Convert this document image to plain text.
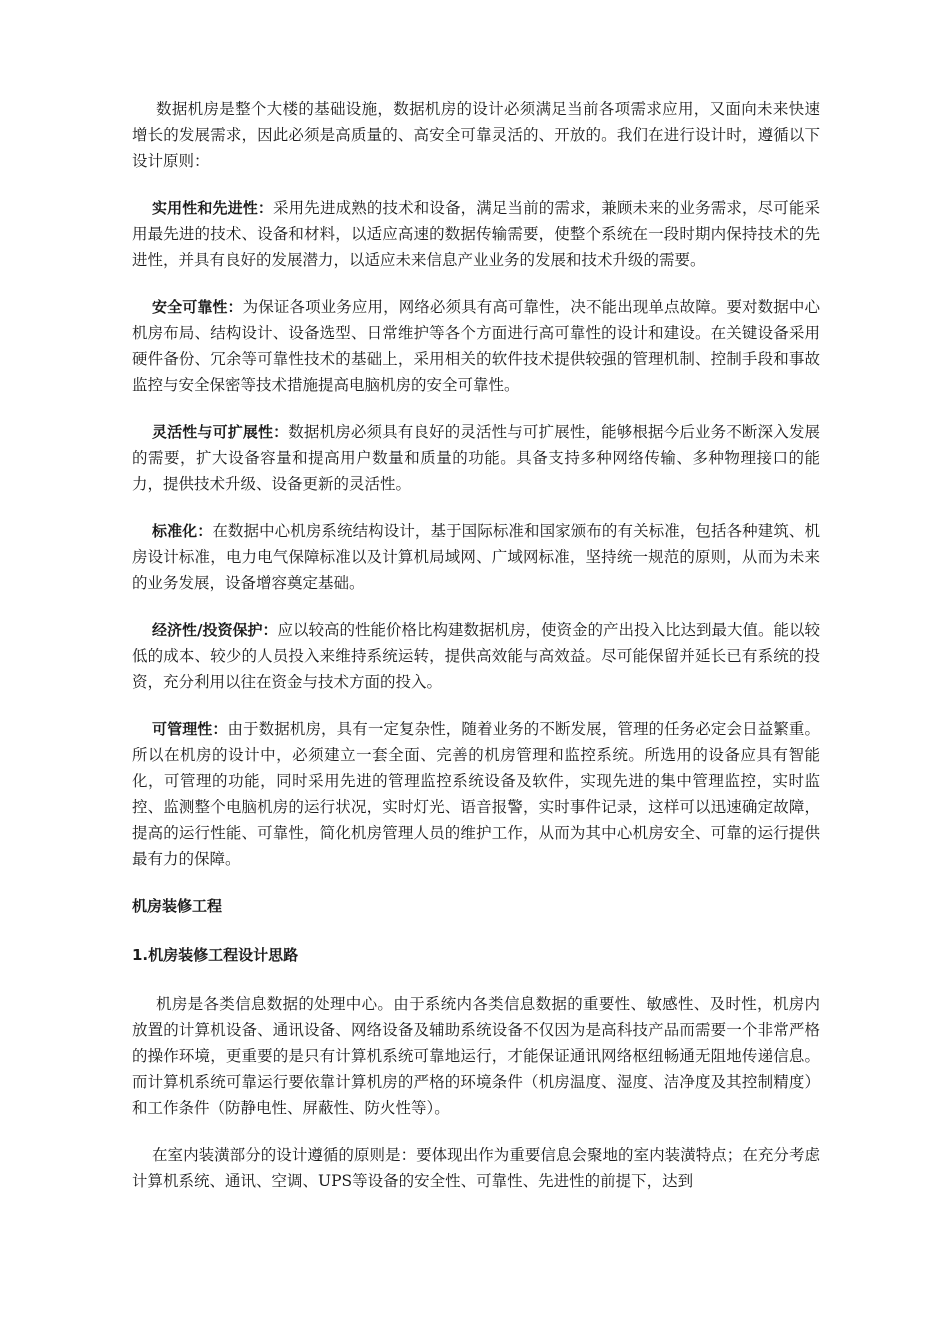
数据机房是整个大楼的基础设施，数据机房的设计必须满足当前各项需求应用，又面向未来快速增长的发展需求，因此必须是高质量的、高安全可靠灵活的、开放的。我们在进行设计时，遵循以下设计原则：

实用性和先进性：采用先进成熟的技术和设备，满足当前的需求，兼顾未来的业务需求，尽可能采用最先进的技术、设备和材料，以适应高速的数据传输需要，使整个系统在一段时期内保持技术的先进性，并具有良好的发展潜力，以适应未来信息产业业务的发展和技术升级的需要。

安全可靠性：为保证各项业务应用，网络必须具有高可靠性，决不能出现单点故障。要对数据中心机房布局、结构设计、设备选型、日常维护等各个方面进行高可靠性的设计和建设。在关键设备采用硬件备份、冗余等可靠性技术的基础上，采用相关的软件技术提供较强的管理机制、控制手段和事故监控与安全保密等技术措施提高电脑机房的安全可靠性。

灵活性与可扩展性：数据机房必须具有良好的灵活性与可扩展性，能够根据今后业务不断深入发展的需要，扩大设备容量和提高用户数量和质量的功能。具备支持多种网络传输、多种物理接口的能力，提供技术升级、设备更新的灵活性。

标准化：在数据中心机房系统结构设计，基于国际标准和国家颁布的有关标准，包括各种建筑、机房设计标准，电力电气保障标准以及计算机局域网、广域网标准，坚持统一规范的原则，从而为未来的业务发展，设备增容奠定基础。

经济性/投资保护：应以较高的性能价格比构建数据机房，使资金的产出投入比达到最大值。能以较低的成本、较少的人员投入来维持系统运转，提供高效能与高效益。尽可能保留并延长已有系统的投资，充分利用以往在资金与技术方面的投入。

可管理性：由于数据机房，具有一定复杂性，随着业务的不断发展，管理的任务必定会日益繁重。所以在机房的设计中，必须建立一套全面、完善的机房管理和监控系统。所选用的设备应具有智能化，可管理的功能，同时采用先进的管理监控系统设备及软件，实现先进的集中管理监控，实时监控、监测整个电脑机房的运行状况，实时灯光、语音报警，实时事件记录，这样可以迅速确定故障，提高的运行性能、可靠性，简化机房管理人员的维护工作，从而为其中心机房安全、可靠的运行提供最有力的保障。

机房装修工程
1.机房装修工程设计思路

机房是各类信息数据的处理中心。由于系统内各类信息数据的重要性、敏感性、及时性，机房内放置的计算机设备、通讯设备、网络设备及辅助系统设备不仅因为是高科技产品而需要一个非常严格的操作环境，更重要的是只有计算机系统可靠地运行，才能保证通讯网络枢纽畅通无阻地传递信息。而计算机系统可靠运行要依靠计算机房的严格的环境条件（机房温度、湿度、洁净度及其控制精度）和工作条件（防静电性、屏蔽性、防火性等）。

在室内装潢部分的设计遵循的原则是：要体现出作为重要信息会聚地的室内装潢特点；在充分考虑计算机系统、通讯、空调、UPS等设备的安全性、可靠性、先进性的前提下，达到
